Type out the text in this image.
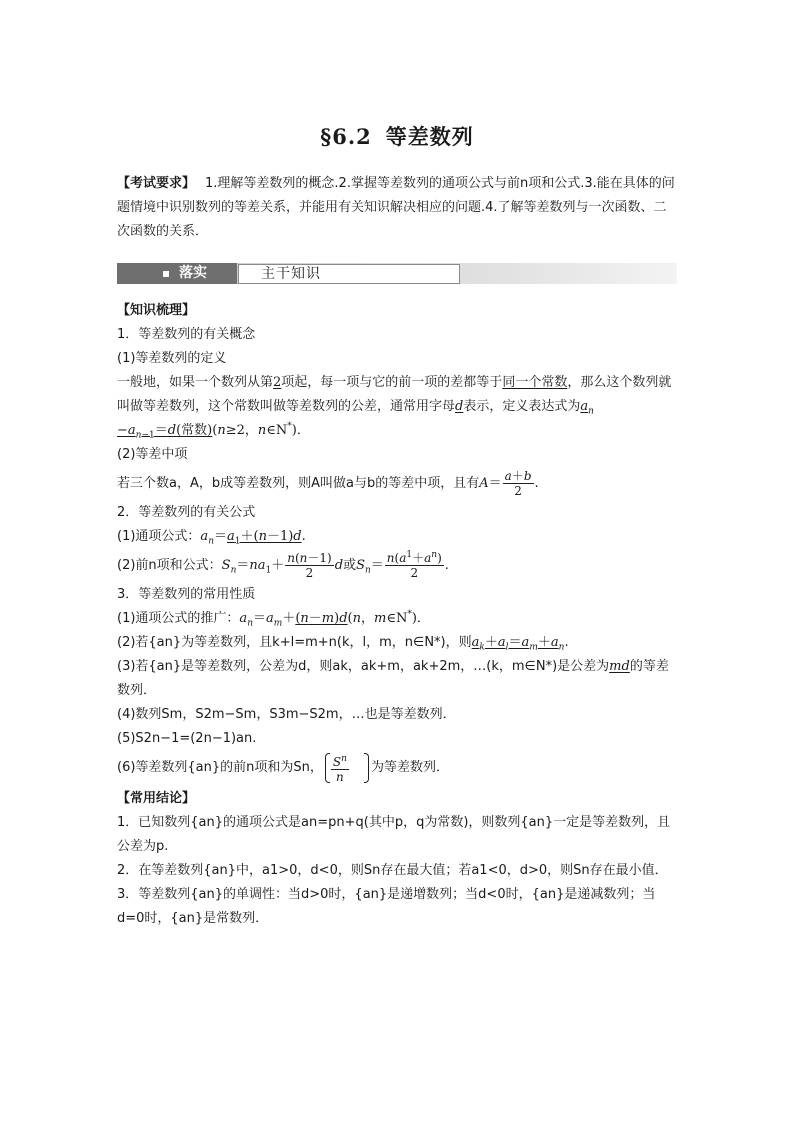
§6.2 等差数列
【考试要求】 1.理解等差数列的概念.2.掌握等差数列的通项公式与前n项和公式.3.能在具体的问题情境中识别数列的等差关系，并能用有关知识解决相应的问题.4.了解等差数列与一次函数、二次函数的关系．
落实	主干知识

【知识梳理】

1．等差数列的有关概念

(1)等差数列的定义

一般地，如果一个数列从第2项起，每一项与它的前一项的差都等于同一个常数，那么这个数列就叫做等差数列，这个常数叫做等差数列的公差，通常用字母d表示，定义表达式为$a_n$
$-a_{n-1}=d$(常数)(n≥2，n∈N*)．

(2)等差中项

若三个数a，A，b成等差数列，则A叫做a与b的等差中项，且有$A= \frac{a+b}{2}$ .

2．等差数列的有关公式

(1)通项公式：$a_n=a_1+(n-1)d$.

(2)前n项和公式：$S_n=na_1+ \frac{n(n-1)}{2}$ d或$S_n= \frac{n(a^1+a^n)}{2}$ .

3．等差数列的常用性质

(1)通项公式的推广：$a_n=a_m+(n-m)d(n$，m∈N*)．

(2)若{an}为等差数列，且k+l=m+n(k，l，m，n∈N*)，则$a_k+a_l=a_m+a_n$.

(3)若{an}是等差数列，公差为d，则ak，ak+m，ak+2m，…(k，m∈N*)是公差为md的等差数列．

(4)数列Sm，S2m−Sm，S3m−S2m，…也是等差数列．

(5)S2n−1=(2n−1)an.

(6)等差数列{an}的前n项和为Sn， $\frac{S^n}{n}$ 为等差数列．

【常用结论】

1．已知数列{an}的通项公式是an=pn+q(其中p，q为常数)，则数列{an}一定是等差数列，且公差为p.

2．在等差数列{an}中，a1>0，d<0，则Sn存在最大值；若a1<0，d>0，则Sn存在最小值．

3．等差数列{an}的单调性：当d>0时，{an}是递增数列；当d<0时，{an}是递减数列；当d=0时，{an}是常数列．
